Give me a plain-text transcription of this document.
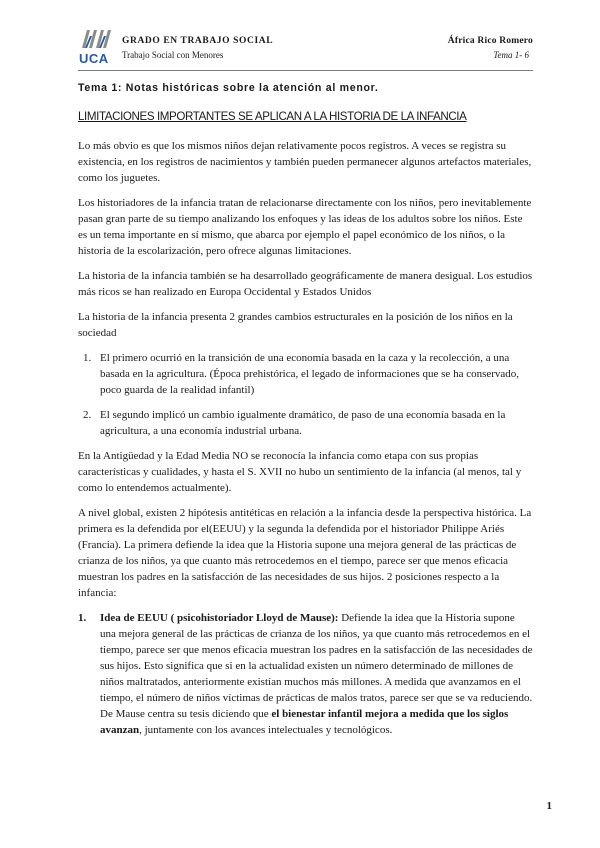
UCA
GRADO EN TRABAJO SOCIAL
Trabajo Social con Menores
África Rico Romero
Tema 1- 6
Tema 1: Notas históricas sobre la atención al menor.
LIMITACIONES IMPORTANTES SE APLICAN A LA HISTORIA DE LA INFANCIA

Lo más obvio es que los mismos niños dejan relativamente pocos registros. A veces se registra su existencia, en los registros de nacimientos y también pueden permanecer algunos artefactos materiales, como los juguetes.

Los historiadores de la infancia tratan de relacionarse directamente con los niños, pero inevitablemente pasan gran parte de su tiempo analizando los enfoques y las ideas de los adultos sobre los niños. Este es un tema importante en sí mismo, que abarca por ejemplo el papel económico de los niños, o la historia de la escolarización, pero ofrece algunas limitaciones.

La historia de la infancia también se ha desarrollado geográficamente de manera desigual. Los estudios más ricos se han realizado en Europa Occidental y Estados Unidos

La historia de la infancia presenta 2 grandes cambios estructurales en la posición de los niños en la sociedad

1. El primero ocurrió en la transición de una economía basada en la caza y la recolección, a una basada en la agricultura. (Época prehistórica, el legado de informaciones que se ha conservado, poco guarda de la realidad infantil)
2. El segundo implicó un cambio igualmente dramático, de paso de una economía basada en la agricultura, a una economía industrial urbana.

En la Antigüedad y la Edad Media NO se reconocía la infancia como etapa con sus propias características y cualidades, y hasta el S. XVII no hubo un sentimiento de la infancia (al menos, tal y como lo entendemos actualmente).

A nivel global, existen 2 hipótesis antitéticas en relación a la infancia desde la perspectiva histórica. La primera es la defendida por el(EEUU) y la segunda la defendida por el historiador Philippe Ariés (Francia). La primera defiende la idea que la Historia supone una mejora general de las prácticas de crianza de los niños, ya que cuanto más retrocedemos en el tiempo, parece ser que menos eficacia muestran los padres en la satisfacción de las necesidades de sus hijos. 2 posiciones respecto a la infancia:

1. Idea de EEUU ( psicohistoriador Lloyd de Mause): Defiende la idea que la Historia supone una mejora general de las prácticas de crianza de los niños, ya que cuanto más retrocedemos en el tiempo, parece ser que menos eficacia muestran los padres en la satisfacción de las necesidades de sus hijos. Esto significa que si en la actualidad existen un número determinado de millones de niños maltratados, anteriormente existían muchos más millones. A medida que avanzamos en el tiempo, el número de niños víctimas de prácticas de malos tratos, parece ser que se va reduciendo. De Mause centra su tesis diciendo que el bienestar infantil mejora a medida que los siglos avanzan, juntamente con los avances intelectuales y tecnológicos.
1
